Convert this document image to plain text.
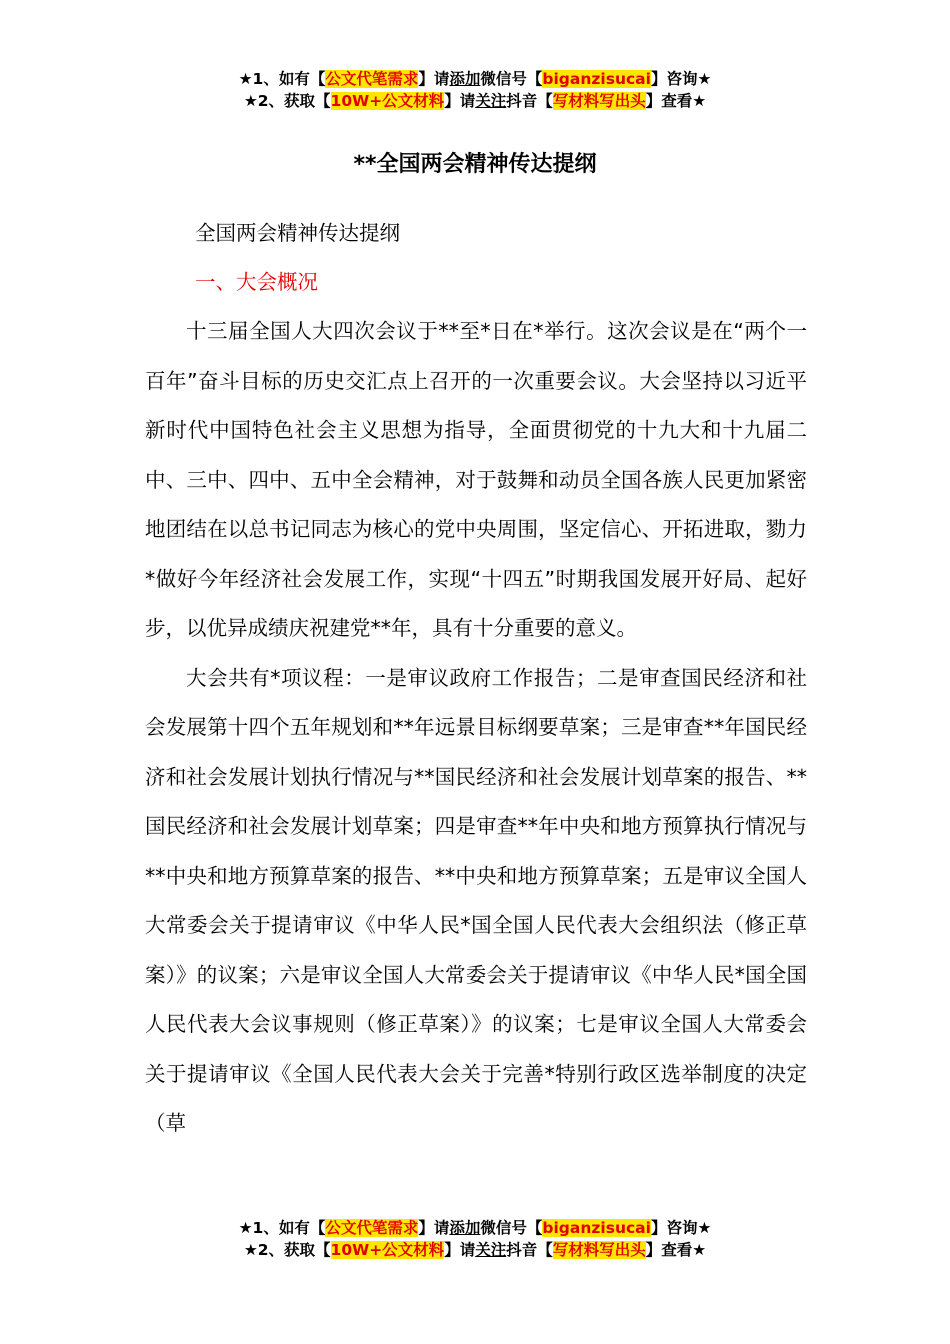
★1、如有【公文代笔需求】请添加微信号【biganzisucai】咨询★
★2、获取【10W+公文材料】请关注抖音【写材料写出头】查看★
**全国两会精神传达提纲
全国两会精神传达提纲
一、大会概况

十三届全国人大四次会议于**至*日在*举行。这次会议是在“两个一百年”奋斗目标的历史交汇点上召开的一次重要会议。大会坚持以习近平新时代中国特色社会主义思想为指导，全面贯彻党的十九大和十九届二中、三中、四中、五中全会精神，对于鼓舞和动员全国各族人民更加紧密地团结在以总书记同志为核心的党中央周围，坚定信心、开拓进取，勠力*做好今年经济社会发展工作，实现“十四五”时期我国发展开好局、起好步，以优异成绩庆祝建党**年，具有十分重要的意义。

大会共有*项议程：一是审议政府工作报告；二是审查国民经济和社会发展第十四个五年规划和**年远景目标纲要草案；三是审查**年国民经济和社会发展计划执行情况与**国民经济和社会发展计划草案的报告、**国民经济和社会发展计划草案；四是审查**年中央和地方预算执行情况与**中央和地方预算草案的报告、**中央和地方预算草案；五是审议全国人大常委会关于提请审议《中华人民*国全国人民代表大会组织法（修正草案）》的议案；六是审议全国人大常委会关于提请审议《中华人民*国全国人民代表大会议事规则（修正草案）》的议案；七是审议全国人大常委会关于提请审议《全国人民代表大会关于完善*特别行政区选举制度的决定（草

★1、如有【公文代笔需求】请添加微信号【biganzisucai】咨询★
★2、获取【10W+公文材料】请关注抖音【写材料写出头】查看★
